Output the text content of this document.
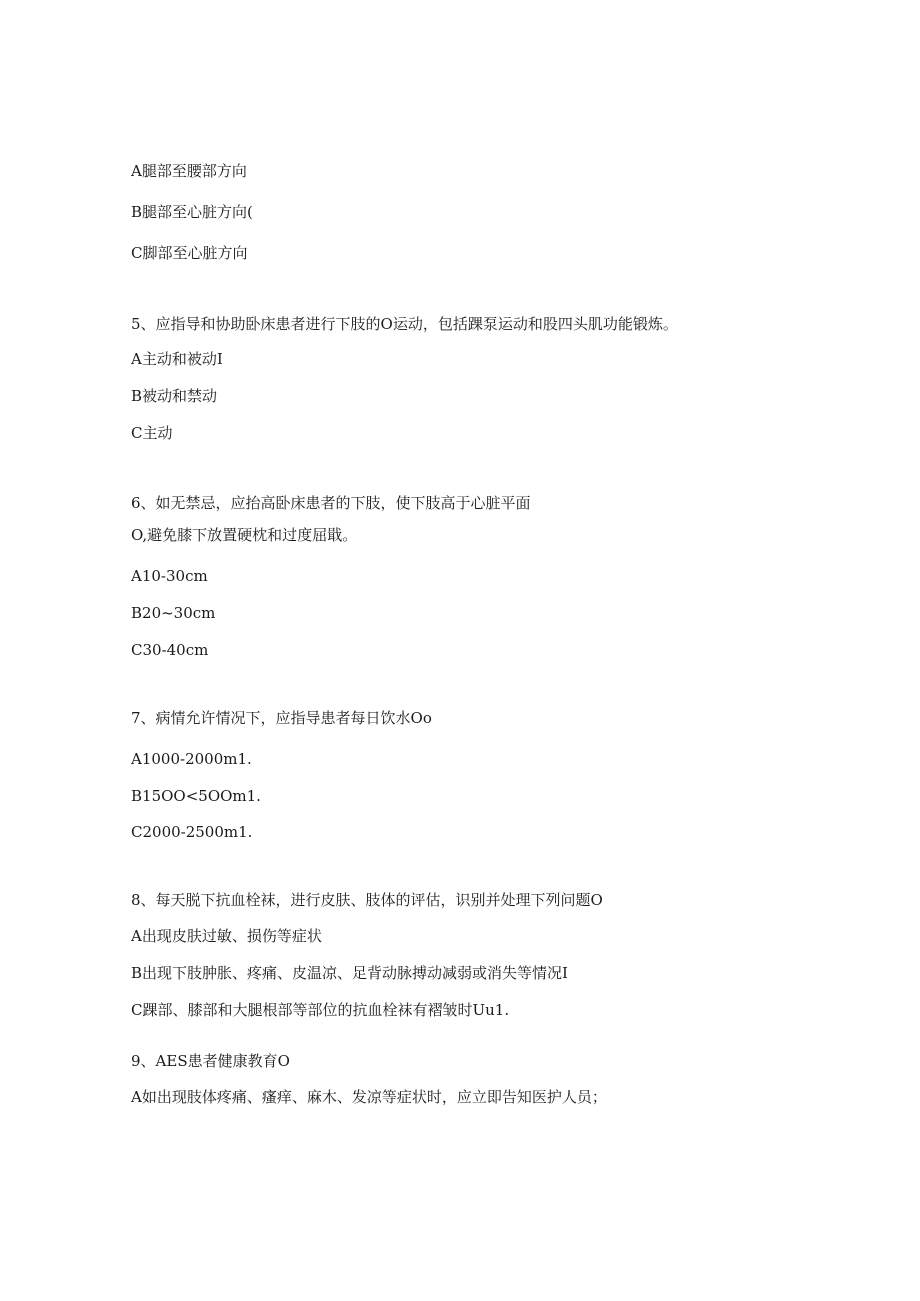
A腿部至腰部方向
B腿部至心脏方向(
C脚部至心脏方向
5、应指导和协助卧床患者进行下肢的O运动，包括踝泵运动和股四头肌功能锻炼。
A主动和被动I
B被动和禁动
C主动
6、如无禁忌，应抬高卧床患者的下肢，使下肢高于心脏平面
O,避免膝下放置硬枕和过度屈戢。
A10-30cm
B20~30cm
C30-40cm
7、病情允许情况下，应指导患者每日饮水Oo
A1000-2000m1.
B15OO<5OOm1.
C2000-2500m1.
8、每天脱下抗血栓袜，进行皮肤、肢体的评估，识别并处理下列问题O
A出现皮肤过敏、损伤等症状
B出现下肢肿胀、疼痛、皮温凉、足背动脉搏动减弱或消失等情况I
C踝部、膝部和大腿根部等部位的抗血栓袜有褶皱时Uu1.
9、AES患者健康教育O
A如出现肢体疼痛、瘙痒、麻木、发凉等症状时，应立即告知医护人员；
